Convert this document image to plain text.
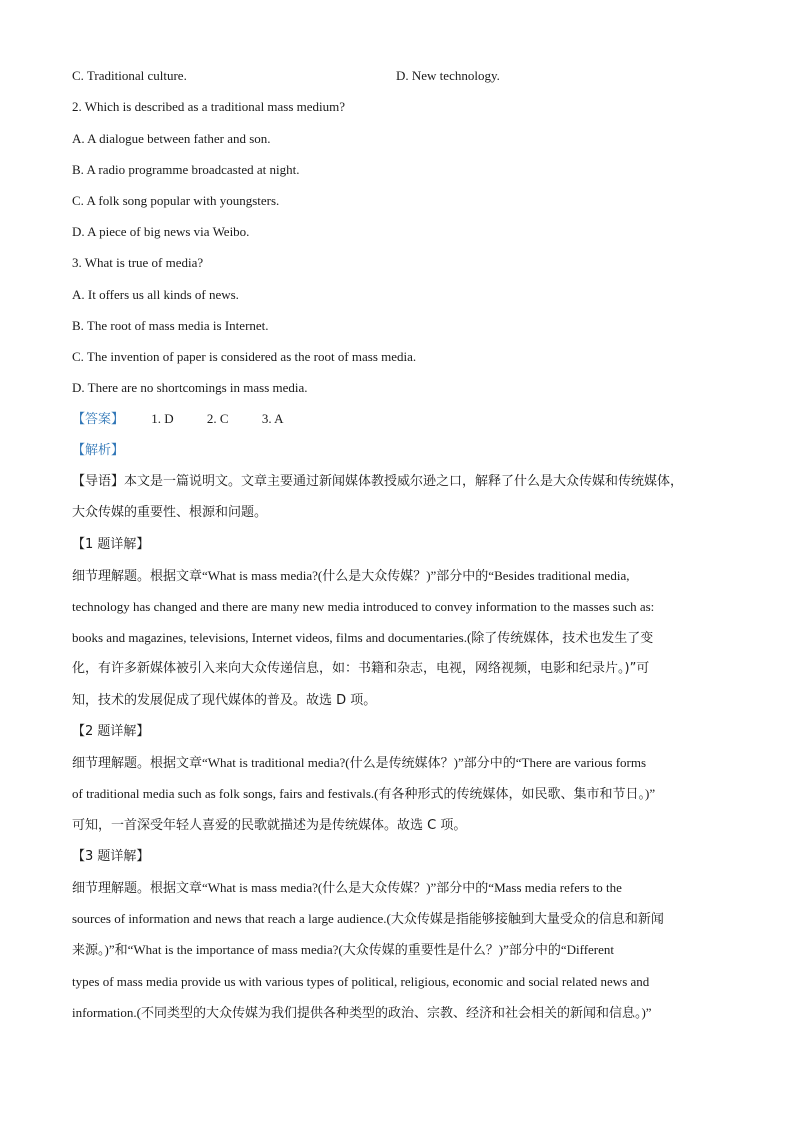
C. Traditional culture.	D. New technology.
2. Which is described as a traditional mass medium?
A. A dialogue between father and son.
B. A radio programme broadcasted at night.
C. A folk song popular with youngsters.
D. A piece of big news via Weibo.
3. What is true of media?
A. It offers us all kinds of news.
B. The root of mass media is Internet.
C. The invention of paper is considered as the root of mass media.
D. There are no shortcomings in mass media.
【答案】 1. D	2. C	3. A
【解析】
【导语】本文是一篇说明文。文章主要通过新闻媒体教授威尔逊之口，解释了什么是大众传媒和传统媒体，
大众传媒的重要性、根源和问题。
【1 题详解】
细节理解题。根据文章“What is mass media?(什么是大众传媒？)”部分中的“Besides traditional media,
technology has changed and there are many new media introduced to convey information to the masses such as:
books and magazines, televisions, Internet videos, films and documentaries.(除了传统媒体，技术也发生了变
化，有许多新媒体被引入来向大众传递信息，如：书籍和杂志，电视，网络视频，电影和纪录片。)”可
知，技术的发展促成了现代媒体的普及。故选 D 项。
【2 题详解】
细节理解题。根据文章“What is traditional media?(什么是传统媒体？)”部分中的“There are various forms
of traditional media such as folk songs, fairs and festivals.(有各种形式的传统媒体，如民歌、集市和节日。)”
可知，一首深受年轻人喜爱的民歌就描述为是传统媒体。故选 C 项。
【3 题详解】
细节理解题。根据文章“What is mass media?(什么是大众传媒？)”部分中的“Mass media refers to the
sources of information and news that reach a large audience.(大众传媒是指能够接触到大量受众的信息和新闻
来源。)”和“What is the importance of mass media?(大众传媒的重要性是什么？)”部分中的“Different
types of mass media provide us with various types of political, religious, economic and social related news and
information.(不同类型的大众传媒为我们提供各种类型的政治、宗教、经济和社会相关的新闻和信息。)”
